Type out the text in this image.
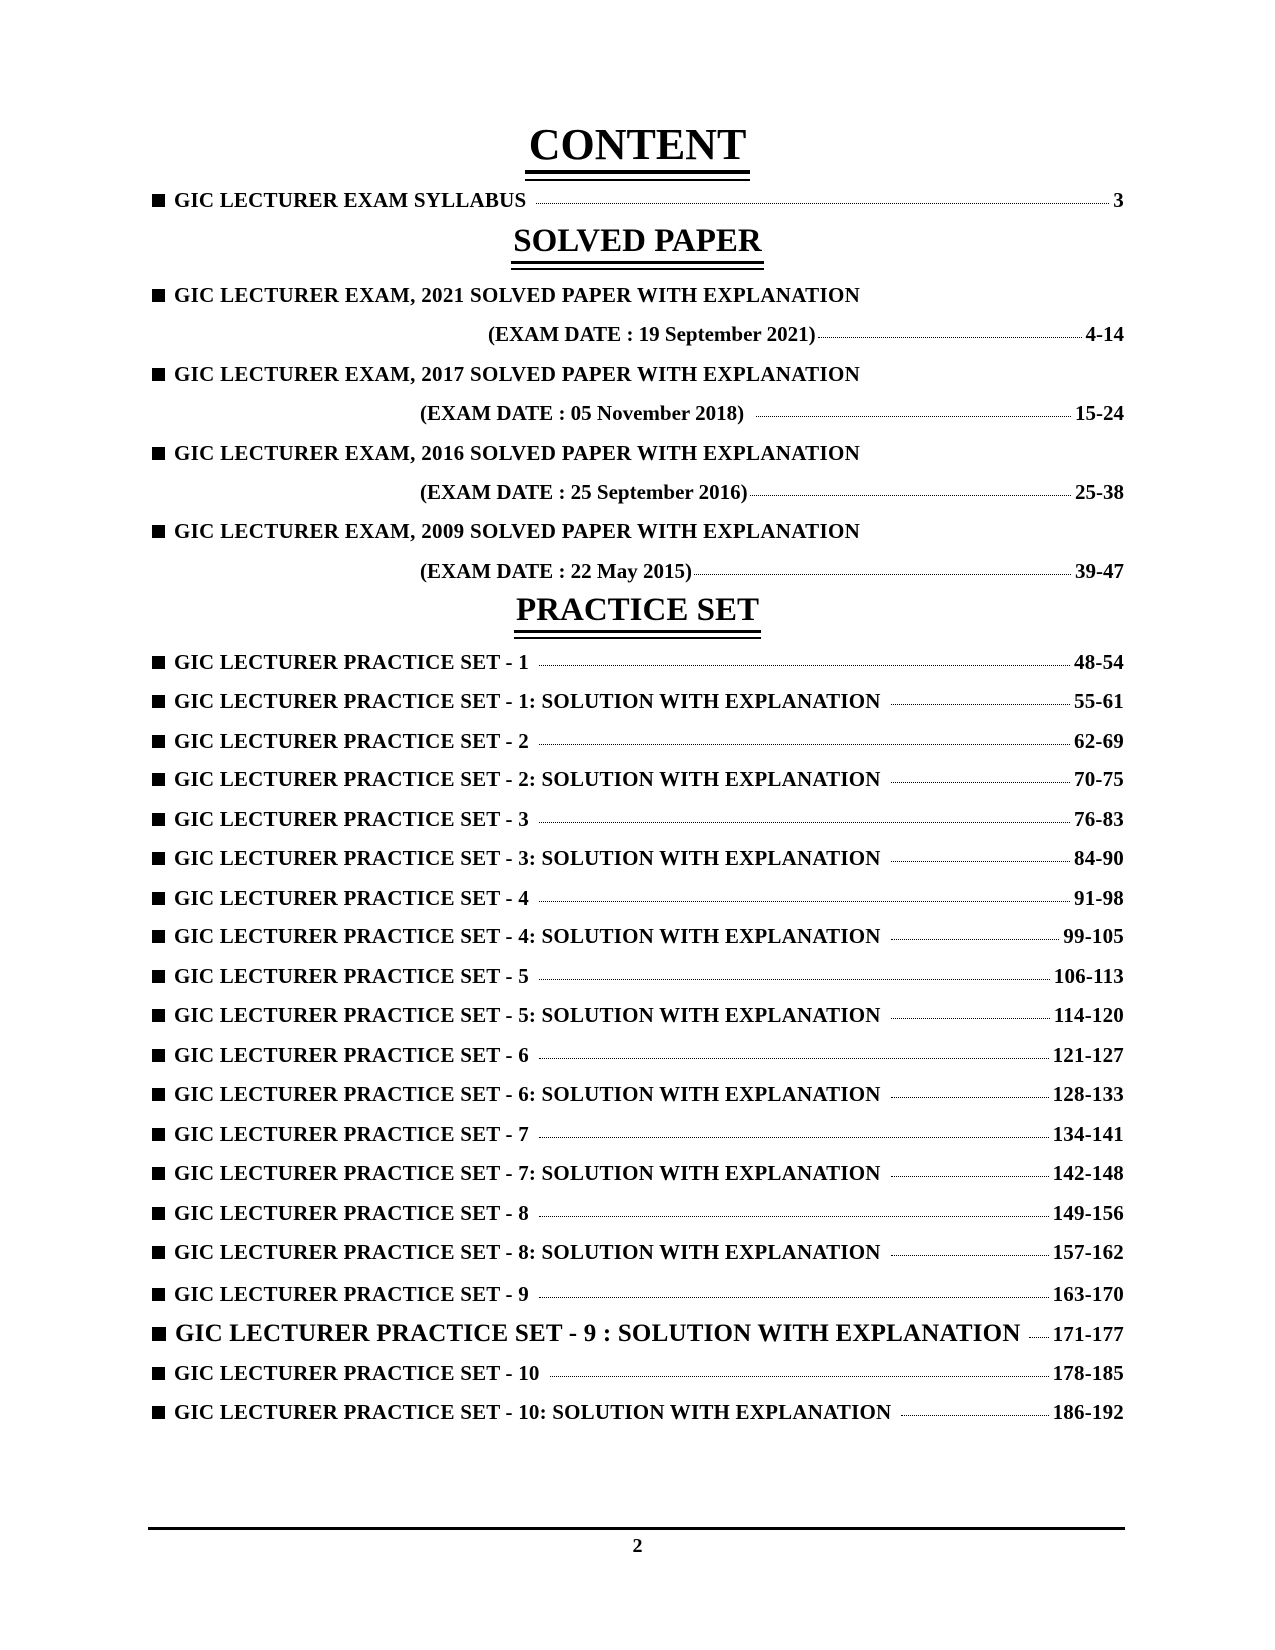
CONTENT
GIC LECTURER EXAM SYLLABUS	3
SOLVED PAPER
GIC LECTURER EXAM, 2021 SOLVED PAPER WITH EXPLANATION
(EXAM DATE : 19 September 2021)	4-14
GIC LECTURER EXAM, 2017 SOLVED PAPER WITH EXPLANATION
(EXAM DATE : 05 November 2018)	15-24
GIC LECTURER EXAM, 2016 SOLVED PAPER WITH EXPLANATION
(EXAM DATE : 25 September 2016)	25-38
GIC LECTURER EXAM, 2009 SOLVED PAPER WITH EXPLANATION
(EXAM DATE : 22 May 2015)	39-47
PRACTICE SET
GIC LECTURER PRACTICE SET - 1	48-54
GIC LECTURER PRACTICE SET - 1: SOLUTION WITH EXPLANATION	55-61
GIC LECTURER PRACTICE SET - 2	62-69
GIC LECTURER PRACTICE SET - 2: SOLUTION WITH EXPLANATION	70-75
GIC LECTURER PRACTICE SET - 3	76-83
GIC LECTURER PRACTICE SET - 3: SOLUTION WITH EXPLANATION	84-90
GIC LECTURER PRACTICE SET - 4	91-98
GIC LECTURER PRACTICE SET - 4: SOLUTION WITH EXPLANATION	99-105
GIC LECTURER PRACTICE SET - 5	106-113
GIC LECTURER PRACTICE SET - 5: SOLUTION WITH EXPLANATION	114-120
GIC LECTURER PRACTICE SET - 6	121-127
GIC LECTURER PRACTICE SET - 6: SOLUTION WITH EXPLANATION	128-133
GIC LECTURER PRACTICE SET - 7	134-141
GIC LECTURER PRACTICE SET - 7: SOLUTION WITH EXPLANATION	142-148
GIC LECTURER PRACTICE SET - 8	149-156
GIC LECTURER PRACTICE SET - 8: SOLUTION WITH EXPLANATION	157-162
GIC LECTURER PRACTICE SET - 9	163-170
GIC LECTURER PRACTICE SET - 9 : SOLUTION WITH EXPLANATION 171-177
GIC LECTURER PRACTICE SET - 10	178-185
GIC LECTURER PRACTICE SET - 10: SOLUTION WITH EXPLANATION	186-192
2
